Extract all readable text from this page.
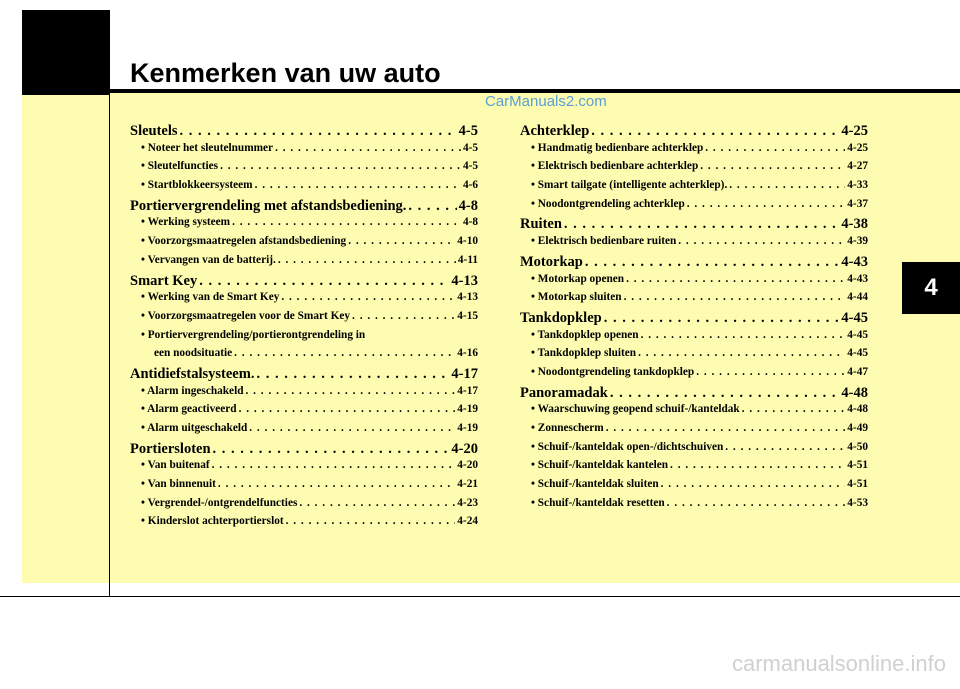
Kenmerken van uw auto
CarManuals2.com
4
Sleutels . . .	4-5
• Noteer het sleutelnummer . . .	4-5
• Sleutelfuncties . . .	4-5
• Startblokkeersysteem . . .	4-6
Portiervergrendeling met afstandsbediening. . . .	4-8
• Werking systeem . . .	4-8
• Voorzorgsmaatregelen afstandsbediening . . .	4-10
• Vervangen van de batterij. . . .	4-11
Smart Key . . .	4-13
• Werking van de Smart Key . . .	4-13
• Voorzorgsmaatregelen voor de Smart Key . . .	4-15
• Portiervergrendeling/portierontgrendeling in
een noodsituatie . . .	4-16
Antidiefstalsysteem. . . .	4-17
• Alarm ingeschakeld . . .	4-17
• Alarm geactiveerd . . .	4-19
• Alarm uitgeschakeld . . .	4-19
Portiersloten . . .	4-20
• Van buitenaf . . .	4-20
• Van binnenuit . . .	4-21
• Vergrendel-/ontgrendelfuncties . . .	4-23
• Kinderslot achterportierslot . . .	4-24
Achterklep . . .	4-25
• Handmatig bedienbare achterklep . . .	4-25
• Elektrisch bedienbare achterklep . . .	4-27
• Smart tailgate (intelligente achterklep). . . .	4-33
• Noodontgrendeling achterklep . . .	4-37
Ruiten . . .	4-38
• Elektrisch bedienbare ruiten . . .	4-39
Motorkap . . .	4-43
• Motorkap openen . . .	4-43
• Motorkap sluiten . . .	4-44
Tankdopklep . . .	4-45
• Tankdopklep openen . . .	4-45
• Tankdopklep sluiten . . .	4-45
• Noodontgrendeling tankdopklep . . .	4-47
Panoramadak . . .	4-48
• Waarschuwing geopend schuif-/kanteldak . . .	4-48
• Zonnescherm . . .	4-49
• Schuif-/kanteldak open-/dichtschuiven . . .	4-50
• Schuif-/kanteldak kantelen . . .	4-51
• Schuif-/kanteldak sluiten . . .	4-51
• Schuif-/kanteldak resetten . . .	4-53
carmanualsonline.info
